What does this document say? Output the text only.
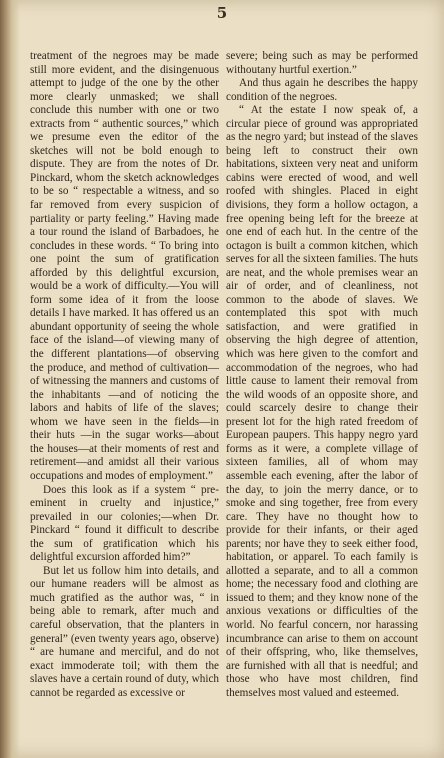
5

treatment of the negroes may be made still more evident, and the disingenuous attempt to judge of the one by the other more clearly unmasked; we shall conclude this number with one or two extracts from “ authentic sources,” which we presume even the editor of the sketches will not be bold enough to dispute. They are from the notes of Dr. Pinckard, whom the sketch acknowledges to be so “ respectable a witness, and so far removed from every suspicion of partiality or party feeling.” Having made a tour round the island of Barbadoes, he concludes in these words. “ To bring into one point the sum of gratification afforded by this delightful excursion, would be a work of difficulty.—You will form some idea of it from the loose details I have marked. It has offered us an abundant opportunity of seeing the whole face of the island—of viewing many of the different plantations—of observing the produce, and method of cultivation—of witnessing the manners and customs of the inhabitants —and of noticing the labors and habits of life of the slaves; whom we have seen in the fields—in their huts —in the sugar works—about the houses—at their moments of rest and retirement—and amidst all their various occupations and modes of employment.”

Does this look as if a system “ pre-eminent in cruelty and injustice,” prevailed in our colonies;—when Dr. Pinckard “ found it difficult to describe the sum of gratification which his delightful excursion afforded him?”

But let us follow him into details, and our humane readers will be almost as much gratified as the author was, “ in being able to remark, after much and careful observation, that the planters in general” (even twenty years ago, observe) “ are humane and merciful, and do not exact immoderate toil; with them the slaves have a certain round of duty, which cannot be regarded as excessive or

severe; being such as may be performed withoutany hurtful exertion.”

And thus again he describes the happy condition of the negroes.

“ At the estate I now speak of, a circular piece of ground was appropriated as the negro yard; but instead of the slaves being left to construct their own habitations, sixteen very neat and uniform cabins were erected of wood, and well roofed with shingles. Placed in eight divisions, they form a hollow octagon, a free opening being left for the breeze at one end of each hut. In the centre of the octagon is built a common kitchen, which serves for all the sixteen families. The huts are neat, and the whole premises wear an air of order, and of cleanliness, not common to the abode of slaves. We contemplated this spot with much satisfaction, and were gratified in observing the high degree of attention, which was here given to the comfort and accommodation of the negroes, who had little cause to lament their removal from the wild woods of an opposite shore, and could scarcely desire to change their present lot for the high rated freedom of European paupers. This happy negro yard forms as it were, a complete village of sixteen families, all of whom may assemble each evening, after the labor of the day, to join the merry dance, or to smoke and sing together, free from every care. They have no thought how to provide for their infants, or their aged parents; nor have they to seek either food, habitation, or apparel. To each family is allotted a separate, and to all a common home; the necessary food and clothing are issued to them; and they know none of the anxious vexations or difficulties of the world. No fearful concern, nor harassing incumbrance can arise to them on account of their offspring, who, like themselves, are furnished with all that is needful; and those who have most children, find themselves most valued and esteemed.
